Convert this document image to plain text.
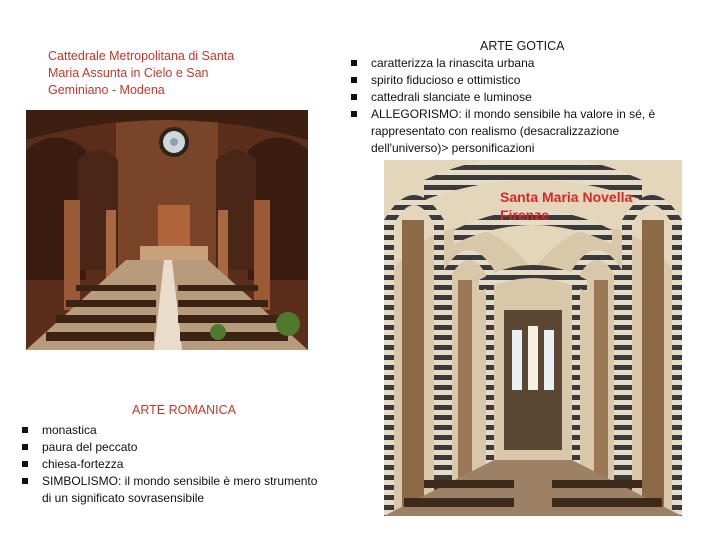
Cattedrale Metropolitana di Santa Maria Assunta in Cielo e San Geminiano - Modena
ARTE ROMANICA
monastica
paura del peccato
chiesa-fortezza
SIMBOLISMO: il mondo sensibile è mero strumento di un significato sovrasensibile
ARTE GOTICA
caratterizza la rinascita urbana
spirito fiducioso e ottimistico
cattedrali slanciate e luminose
ALLEGORISMO: il mondo sensibile ha valore in sé, è rappresentato con realismo (desacralizzazione dell'universo)> personificazioni
Santa Maria Novella Firenze
